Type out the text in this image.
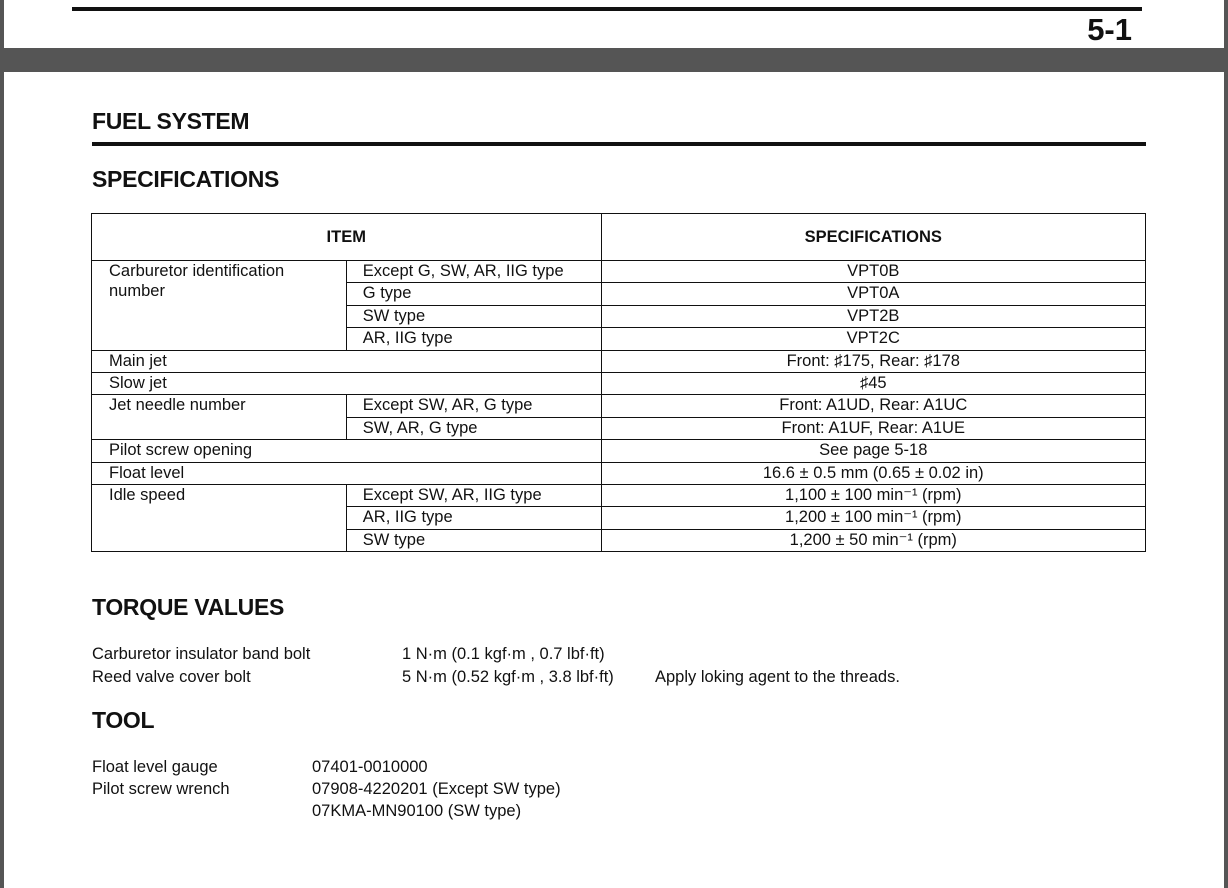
5-1
FUEL SYSTEM
SPECIFICATIONS
ITEM		SPECIFICATIONS
Carburetor identification number	Except G, SW, AR, IIG type	VPT0B
	G type	VPT0A
	SW type	VPT2B
	AR, IIG type	VPT2C
Main jet		Front: ♯175, Rear: ♯178
Slow jet		♯45
Jet needle number	Except SW, AR, G type	Front: A1UD, Rear: A1UC
	SW, AR, G type	Front: A1UF, Rear: A1UE
Pilot screw opening		See page 5-18
Float level		16.6 ± 0.5 mm (0.65 ± 0.02 in)
Idle speed	Except SW, AR, IIG type	1,100 ± 100 min⁻¹ (rpm)
	AR, IIG type	1,200 ± 100 min⁻¹ (rpm)
	SW type	1,200 ± 50 min⁻¹ (rpm)
TORQUE VALUES
Carburetor insulator band bolt	1 N·m (0.1 kgf·m , 0.7 lbf·ft)
Reed valve cover bolt	5 N·m (0.52 kgf·m , 3.8 lbf·ft) Apply loking agent to the threads.
TOOL
Float level gauge	07401-0010000
Pilot screw wrench	07908-4220201 (Except SW type)
07KMA-MN90100 (SW type)
